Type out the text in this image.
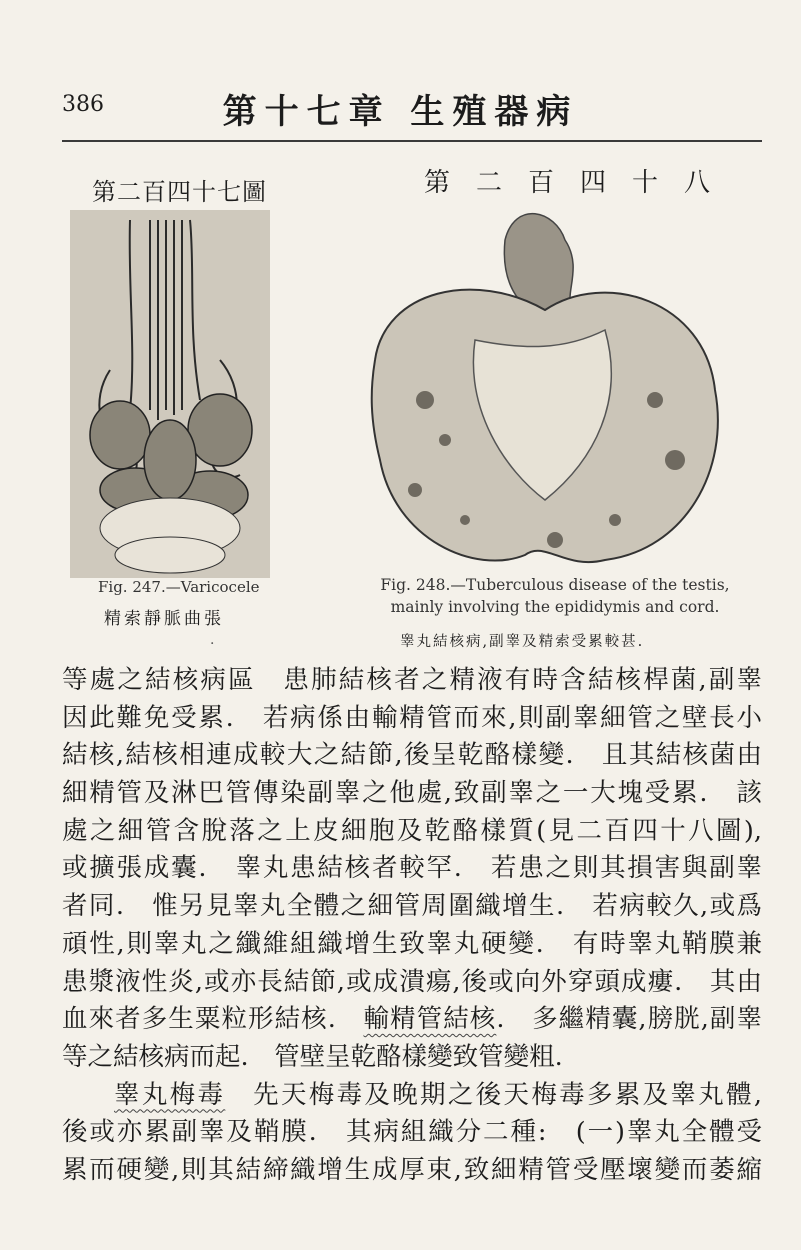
386	第十七章 生殖器病
第二百四十七圖	第二百四十八
Fig. 247.—Varicocele
精索靜脈曲張
·
Fig. 248.—Tuberculous disease of the testis,
mainly involving the epididymis and cord.
睾丸結核病,副睾及精索受累較甚.
等處之結核病區　患肺結核者之精液有時含結核桿菌,副睾
因此難免受累.　若病係由輸精管而來,則副睾細管之壁長小
結核,結核相連成較大之結節,後呈乾酪樣變.　且其結核菌由
細精管及淋巴管傳染副睾之他處,致副睾之一大塊受累.　該
處之細管含脫落之上皮細胞及乾酪樣質(見二百四十八圖),
或擴張成囊.　睾丸患結核者較罕.　若患之則其損害與副睾
者同.　惟另見睾丸全體之細管周圍織增生.　若病較久,或爲
頑性,則睾丸之纖維組織增生致睾丸硬變.　有時睾丸鞘膜兼
患漿液性炎,或亦長結節,或成潰瘍,後或向外穿頭成瘻.　其由
血來者多生粟粒形結核.　輸精管結核.　多繼精囊,膀胱,副睾
等之結核病而起.　管壁呈乾酪樣變致管變粗.
睾丸梅毒　先天梅毒及晚期之後天梅毒多累及睾丸體,
後或亦累副睾及鞘膜.　其病組織分二種:　(一)睾丸全體受
累而硬變,則其結締織增生成厚束,致細精管受壓壞變而萎縮
